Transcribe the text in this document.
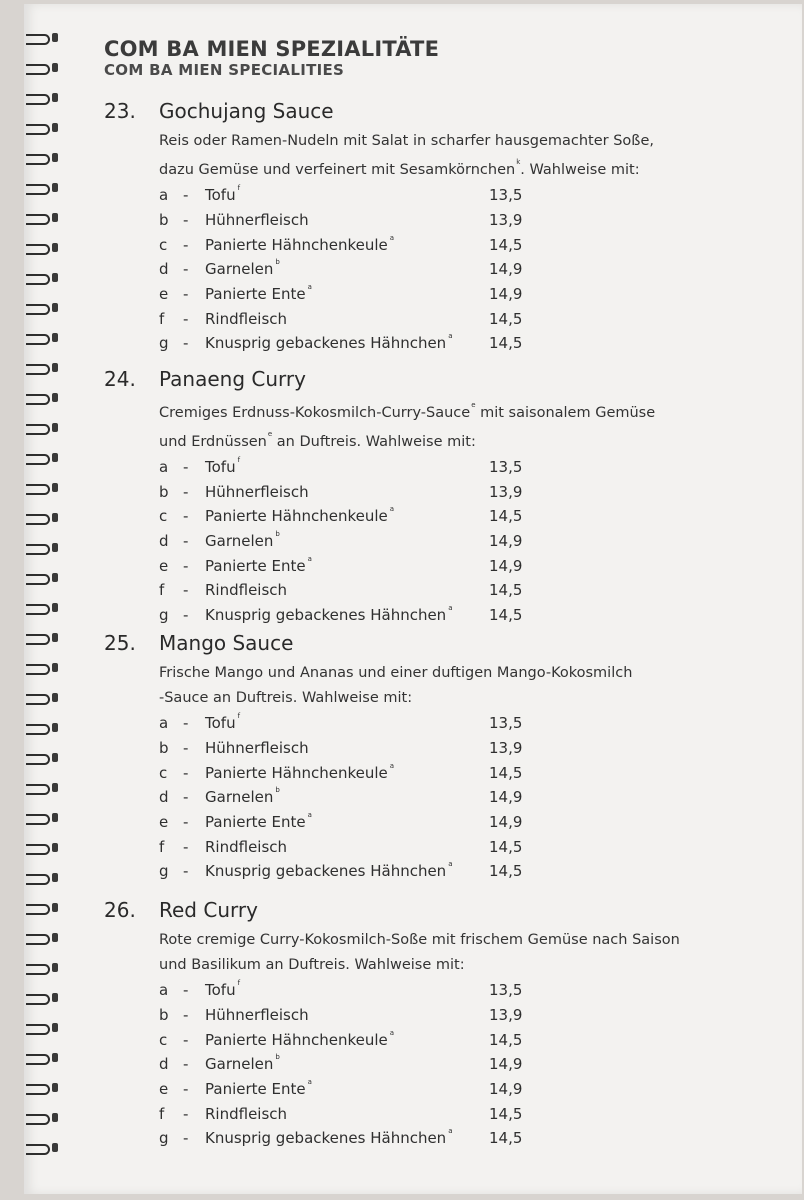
COM BA MIEN SPEZIALITÄTE
COM BA MIEN SPECIALITIES
23.	Gochujang Sauce
Reis oder Ramen-Nudeln mit Salat in scharfer hausgemachter Soße,
dazu Gemüse und verfeinert mit Sesamkörnchen$^k$. Wahlweise mit:
a -	Tofu $^f$	13,5
b -	Hühnerfleisch	13,9
c	-	Panierte Hähnchenkeule $^a$	14,5
d -	Garnelen $^b$	14,9
e -	Panierte Ente $^a$	14,9
f	-	Rindfleisch	14,5
g -	Knusprig gebackenes Hähnchen $^a$	14,5
24.	Panaeng Curry
Cremiges Erdnuss-Kokosmilch-Curry-Sauce$^e$ mit saisonalem Gemüse
und Erdnüssen$^e$ an Duftreis. Wahlweise mit:
a -	Tofu $^f$	13,5
b -	Hühnerfleisch	13,9
c	-	Panierte Hähnchenkeule $^a$	14,5
d -	Garnelen $^b$	14,9
e -	Panierte Ente $^a$	14,9
f	-	Rindfleisch	14,5
g -	Knusprig gebackenes Hähnchen $^a$	14,5
25.	Mango Sauce
Frische Mango und Ananas und einer duftigen Mango-Kokosmilch
-Sauce an Duftreis. Wahlweise mit:
a -	Tofu $^f$	13,5
b -	Hühnerfleisch	13,9
c	-	Panierte Hähnchenkeule $^a$	14,5
d -	Garnelen $^b$	14,9
e -	Panierte Ente $^a$	14,9
f	-	Rindfleisch	14,5
g -	Knusprig gebackenes Hähnchen $^a$	14,5
26.	Red Curry
Rote cremige Curry-Kokosmilch-Soße mit frischem Gemüse nach Saison
und Basilikum an Duftreis. Wahlweise mit:
a -	Tofu $^f$	13,5
b -	Hühnerfleisch	13,9
c	-	Panierte Hähnchenkeule $^a$	14,5
d -	Garnelen $^b$	14,9
e -	Panierte Ente $^a$	14,9
f	-	Rindfleisch	14,5
g -	Knusprig gebackenes Hähnchen $^a$	14,5
